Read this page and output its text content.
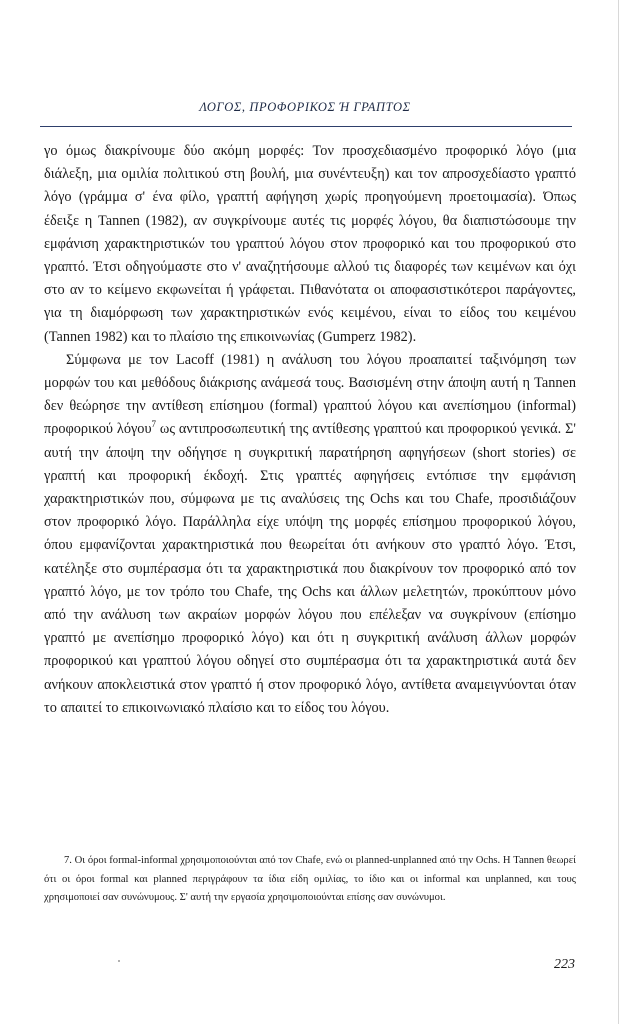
ΛΟΓΟΣ, ΠΡΟΦΟΡΙΚΟΣ Ή ΓΡΑΠΤΟΣ

γο όμως διακρίνουμε δύο ακόμη μορφές: Τον προσχεδιασμένο προφορικό λόγο (μια διάλεξη, μια ομιλία πολιτικού στη βουλή, μια συνέντευξη) και τον απροσχεδίαστο γραπτό λόγο (γράμμα σ' ένα φίλο, γραπτή αφήγηση χωρίς προηγούμενη προετοιμασία). Όπως έδειξε η Tannen (1982), αν συγκρίνουμε αυτές τις μορφές λόγου, θα διαπιστώσουμε την εμφάνιση χαρακτηριστικών του γραπτού λόγου στον προφορικό και του προφορικού στο γραπτό. Έτσι οδηγούμαστε στο ν' αναζητήσουμε αλλού τις διαφορές των κειμένων και όχι στο αν το κείμενο εκφωνείται ή γράφεται. Πιθανότατα οι αποφασιστικότεροι παράγοντες, για τη διαμόρφωση των χαρακτηριστικών ενός κειμένου, είναι το είδος του κειμένου (Tannen 1982) και το πλαίσιο της επικοινωνίας (Gumperz 1982).

Σύμφωνα με τον Lacoff (1981) η ανάλυση του λόγου προαπαιτεί ταξινόμηση των μορφών του και μεθόδους διάκρισης ανάμεσά τους. Βασισμένη στην άποψη αυτή η Tannen δεν θεώρησε την αντίθεση επίσημου (formal) γραπτού λόγου και ανεπίσημου (informal) προφορικού λόγου$^7$ ως αντιπροσωπευτική της αντίθεσης γραπτού και προφορικού γενικά. Σ' αυτή την άποψη την οδήγησε η συγκριτική παρατήρηση αφηγήσεων (short stories) σε γραπτή και προφορική έκδοχή. Στις γραπτές αφηγήσεις εντόπισε την εμφάνιση χαρακτηριστικών που, σύμφωνα με τις αναλύσεις της Ochs και του Chafe, προσιδιάζουν στον προφορικό λόγο. Παράλληλα είχε υπόψη της μορφές επίσημου προφορικού λόγου, όπου εμφανίζονται χαρακτηριστικά που θεωρείται ότι ανήκουν στο γραπτό λόγο. Έτσι, κατέληξε στο συμπέρασμα ότι τα χαρακτηριστικά που διακρίνουν τον προφορικό από τον γραπτό λόγο, με τον τρόπο του Chafe, της Ochs και άλλων μελετητών, προκύπτουν μόνο από την ανάλυση των ακραίων μορφών λόγου που επέλεξαν να συγκρίνουν (επίσημο γραπτό με ανεπίσημο προφορικό λόγο) και ότι η συγκριτική ανάλυση άλλων μορφών προφορικού και γραπτού λόγου οδηγεί στο συμπέρασμα ότι τα χαρακτηριστικά αυτά δεν ανήκουν αποκλειστικά στον γραπτό ή στον προφορικό λόγο, αντίθετα αναμειγνύονται όταν το απαιτεί το επικοινωνιακό πλαίσιο και το είδος του λόγου.

7. Οι όροι formal-informal χρησιμοποιούνται από τον Chafe, ενώ οι planned-unplanned από την Ochs. Η Tannen θεωρεί ότι οι όροι formal και planned περιγράφουν τα ίδια είδη ομιλίας, το ίδιο και οι informal και unplanned, και τους χρησιμοποιεί σαν συνώνυμους. Σ' αυτή την εργασία χρησιμοποιούνται επίσης σαν συνώνυμοι.
223
